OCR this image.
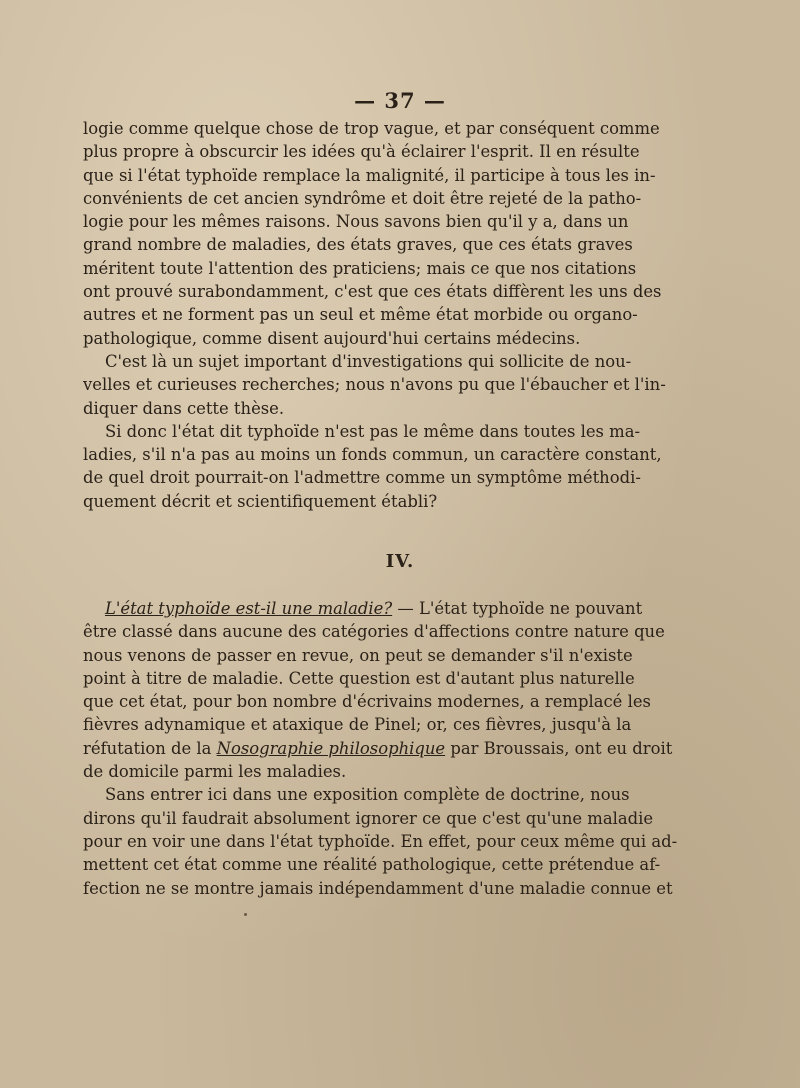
— 37 —

logie comme quelque chose de trop vague, et par conséquent comme
plus propre à obscurcir les idées qu'à éclairer l'esprit. Il en résulte
que si l'état typhoïde remplace la malignité, il participe à tous les in-
convénients de cet ancien syndrôme et doit être rejeté de la patho-
logie pour les mêmes raisons. Nous savons bien qu'il y a, dans un
grand nombre de maladies, des états graves, que ces états graves
méritent toute l'attention des praticiens; mais ce que nos citations
ont prouvé surabondamment, c'est que ces états diffèrent les uns des
autres et ne forment pas un seul et même état morbide ou organo-
pathologique, comme disent aujourd'hui certains médecins.

C'est là un sujet important d'investigations qui sollicite de nou-
velles et curieuses recherches; nous n'avons pu que l'ébaucher et l'in-
diquer dans cette thèse.

Si donc l'état dit typhoïde n'est pas le même dans toutes les ma-
ladies, s'il n'a pas au moins un fonds commun, un caractère constant,
de quel droit pourrait-on l'admettre comme un symptôme méthodi-
quement décrit et scientifiquement établi?

IV.

L'état typhoïde est-il une maladie? — L'état typhoïde ne pouvant
être classé dans aucune des catégories d'affections contre nature que
nous venons de passer en revue, on peut se demander s'il n'existe
point à titre de maladie. Cette question est d'autant plus naturelle
que cet état, pour bon nombre d'écrivains modernes, a remplacé les
fièvres adynamique et ataxique de Pinel; or, ces fièvres, jusqu'à la
réfutation de la Nosographie philosophique par Broussais, ont eu droit
de domicile parmi les maladies.

Sans entrer ici dans une exposition complète de doctrine, nous
dirons qu'il faudrait absolument ignorer ce que c'est qu'une maladie
pour en voir une dans l'état typhoïde. En effet, pour ceux même qui ad-
mettent cet état comme une réalité pathologique, cette prétendue af-
fection ne se montre jamais indépendamment d'une maladie connue et
